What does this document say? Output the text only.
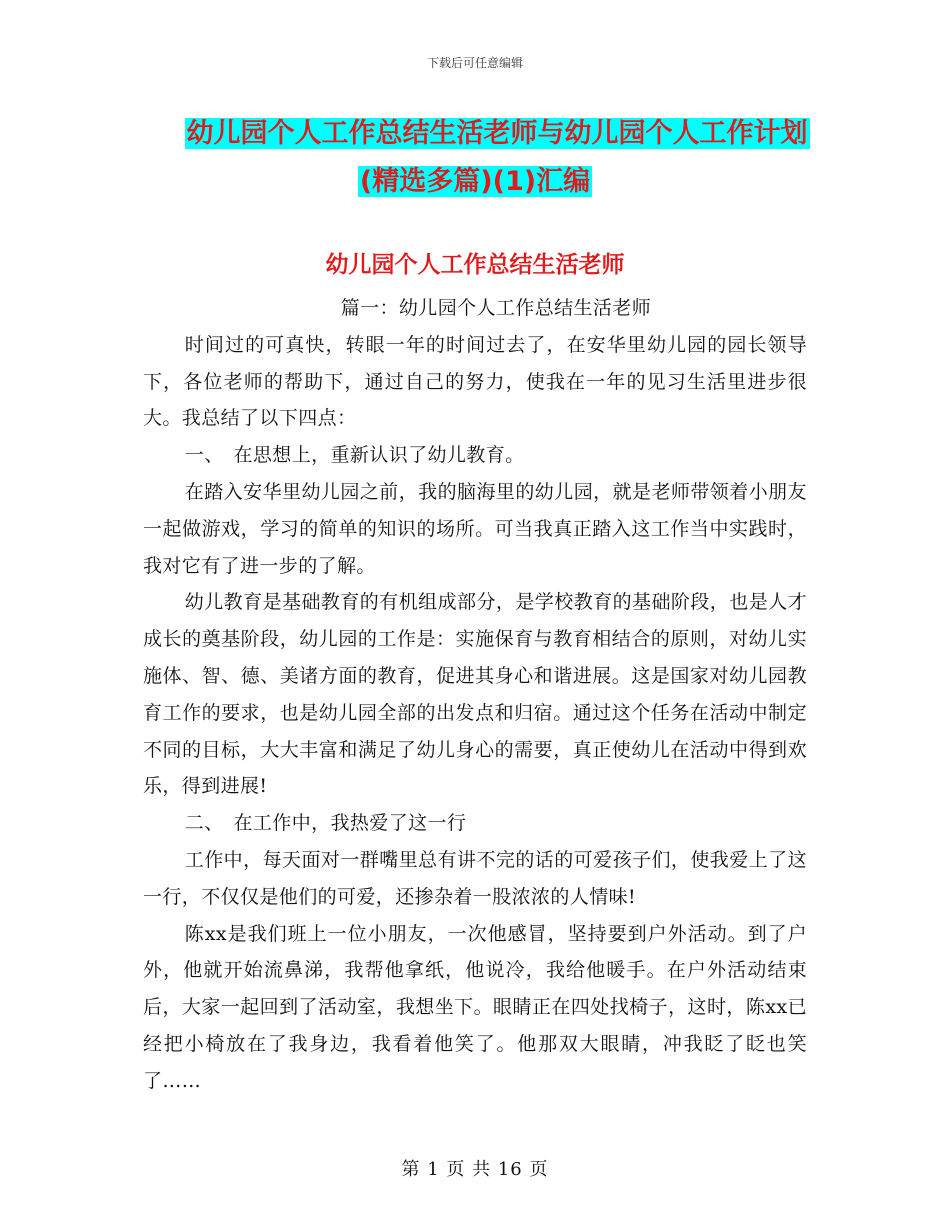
下载后可任意编辑
幼儿园个人工作总结生活老师与幼儿园个人工作计划
(精选多篇)(1)汇编
幼儿园个人工作总结生活老师

篇一：幼儿园个人工作总结生活老师

时间过的可真快，转眼一年的时间过去了，在安华里幼儿园的园长领导下，各位老师的帮助下，通过自己的努力，使我在一年的见习生活里进步很大。我总结了以下四点：

一、　在思想上，重新认识了幼儿教育。

在踏入安华里幼儿园之前，我的脑海里的幼儿园，就是老师带领着小朋友一起做游戏，学习的简单的知识的场所。可当我真正踏入这工作当中实践时，我对它有了进一步的了解。

幼儿教育是基础教育的有机组成部分，是学校教育的基础阶段，也是人才成长的奠基阶段，幼儿园的工作是：实施保育与教育相结合的原则，对幼儿实施体、智、德、美诸方面的教育，促进其身心和谐进展。这是国家对幼儿园教育工作的要求，也是幼儿园全部的出发点和归宿。通过这个任务在活动中制定不同的目标，大大丰富和满足了幼儿身心的需要，真正使幼儿在活动中得到欢乐，得到进展!

二、　在工作中，我热爱了这一行

工作中，每天面对一群嘴里总有讲不完的话的可爱孩子们，使我爱上了这一行，不仅仅是他们的可爱，还掺杂着一股浓浓的人情味!

陈xx是我们班上一位小朋友，一次他感冒，坚持要到户外活动。到了户外，他就开始流鼻涕，我帮他拿纸，他说冷，我给他暖手。在户外活动结束后，大家一起回到了活动室，我想坐下。眼睛正在四处找椅子，这时，陈xx已经把小椅放在了我身边，我看着他笑了。他那双大眼睛，冲我眨了眨也笑了……

第 1 页 共 16 页
